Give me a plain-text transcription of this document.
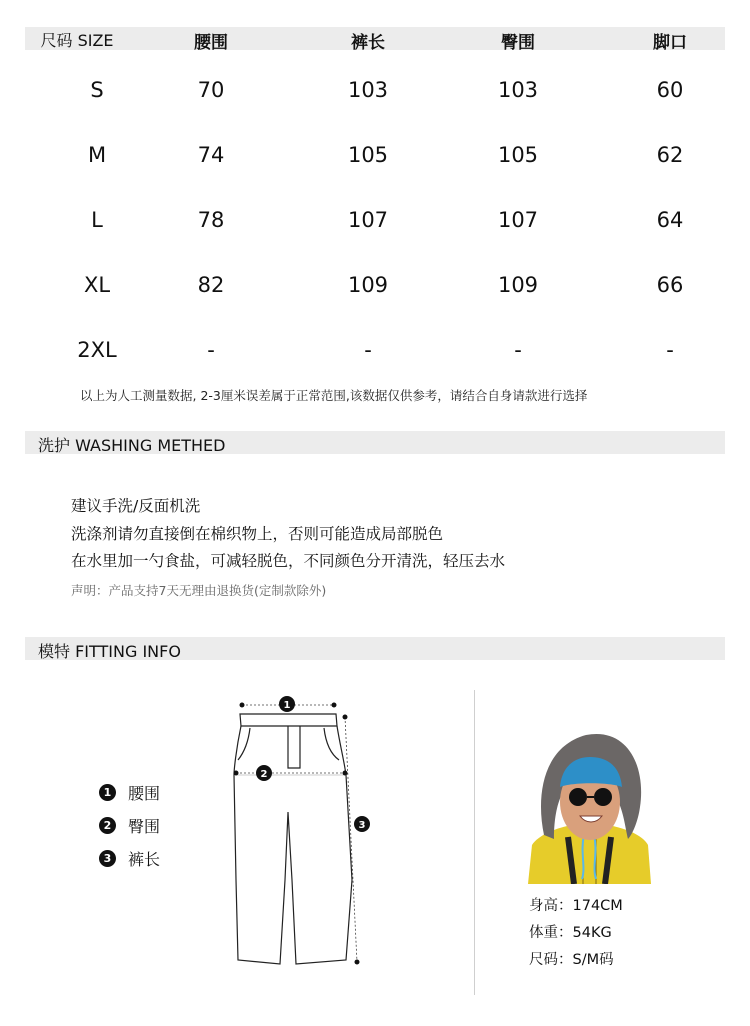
尺码 SIZE	腰围	裤长	臀围	脚口
S	70	103	103	60
M	74	105	105	62
L	78	107	107	64
XL	82	109	109	66
2XL	-	-	-	-
以上为人工测量数据, 2-3厘米误差属于正常范围,该数据仅供参考，请结合自身请款进行选择
洗护 WASHING METHED
建议手洗/反面机洗
洗涤剂请勿直接倒在棉织物上，否则可能造成局部脱色
在水里加一勺食盐，可减轻脱色，不同颜色分开清洗，轻压去水
声明：产品支持7天无理由退换货(定制款除外)
模特 FITTING INFO
1 腰围
2 臀围
3 裤长
1
2
3
身高：174CM
体重：54KG
尺码：S/M码
